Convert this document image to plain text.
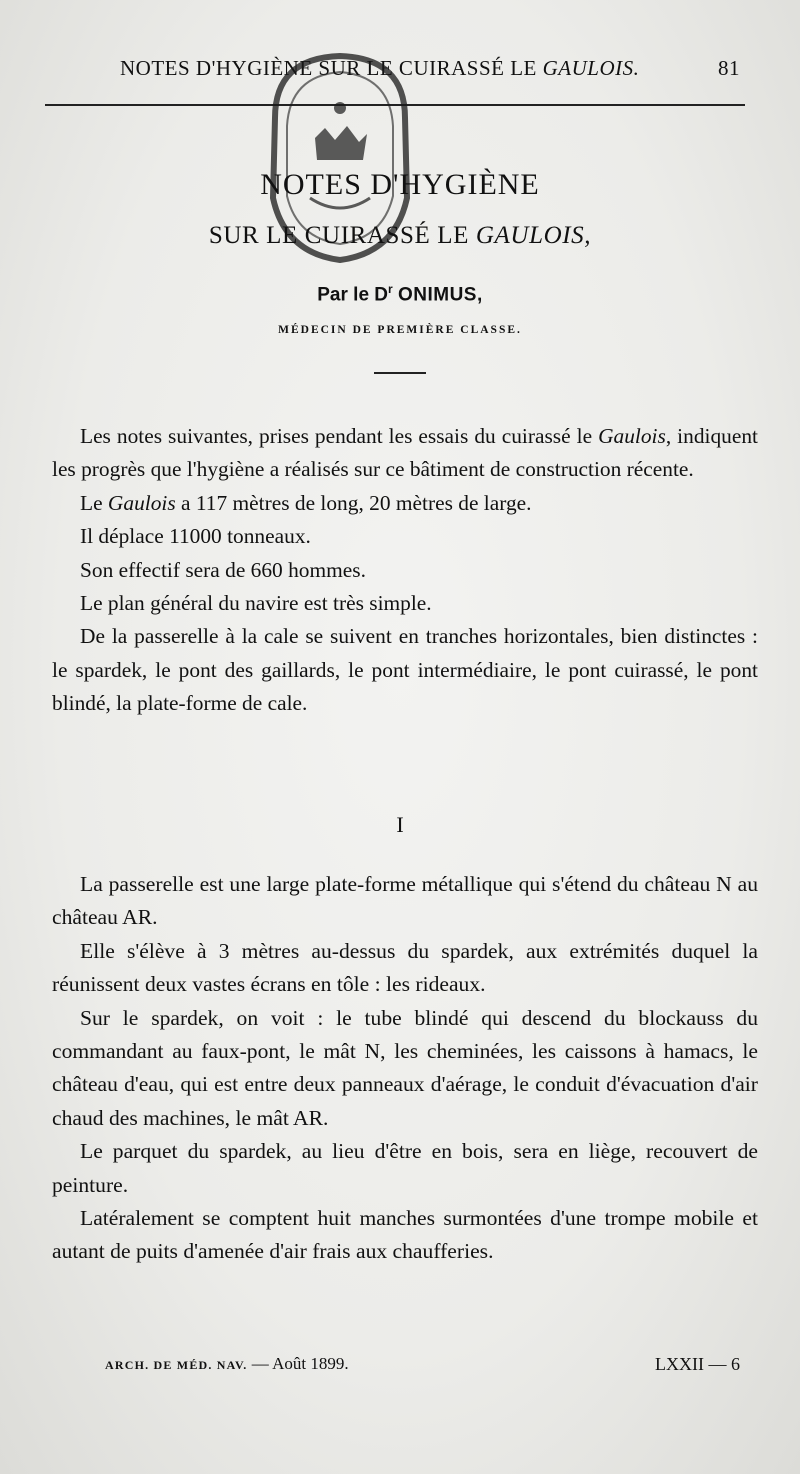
NOTES D'HYGIÈNE SUR LE CUIRASSÉ LE GAULOIS.	81
NOTES D'HYGIÈNE
SUR LE CUIRASSÉ LE GAULOIS,
Par le $D^r$ ONIMUS,
MÉDECIN DE PREMIÈRE CLASSE.

Les notes suivantes, prises pendant les essais du cuirassé le Gaulois, indiquent les progrès que l'hygiène a réalisés sur ce bâtiment de construction récente.

Le Gaulois a 117 mètres de long, 20 mètres de large.

Il déplace 11000 tonneaux.

Son effectif sera de 660 hommes.

Le plan général du navire est très simple.

De la passerelle à la cale se suivent en tranches horizontales, bien distinctes : le spardek, le pont des gaillards, le pont intermédiaire, le pont cuirassé, le pont blindé, la plate-forme de cale.

I

La passerelle est une large plate-forme métallique qui s'étend du château N au château AR.

Elle s'élève à 3 mètres au-dessus du spardek, aux extrémités duquel la réunissent deux vastes écrans en tôle : les rideaux.

Sur le spardek, on voit : le tube blindé qui descend du blockauss du commandant au faux-pont, le mât N, les cheminées, les caissons à hamacs, le château d'eau, qui est entre deux panneaux d'aérage, le conduit d'évacuation d'air chaud des machines, le mât AR.

Le parquet du spardek, au lieu d'être en bois, sera en liège, recouvert de peinture.

Latéralement se comptent huit manches surmontées d'une trompe mobile et autant de puits d'amenée d'air frais aux chaufferies.

ARCH. DE MÉD. NAV. — Août 1899.	LXXII — 6
